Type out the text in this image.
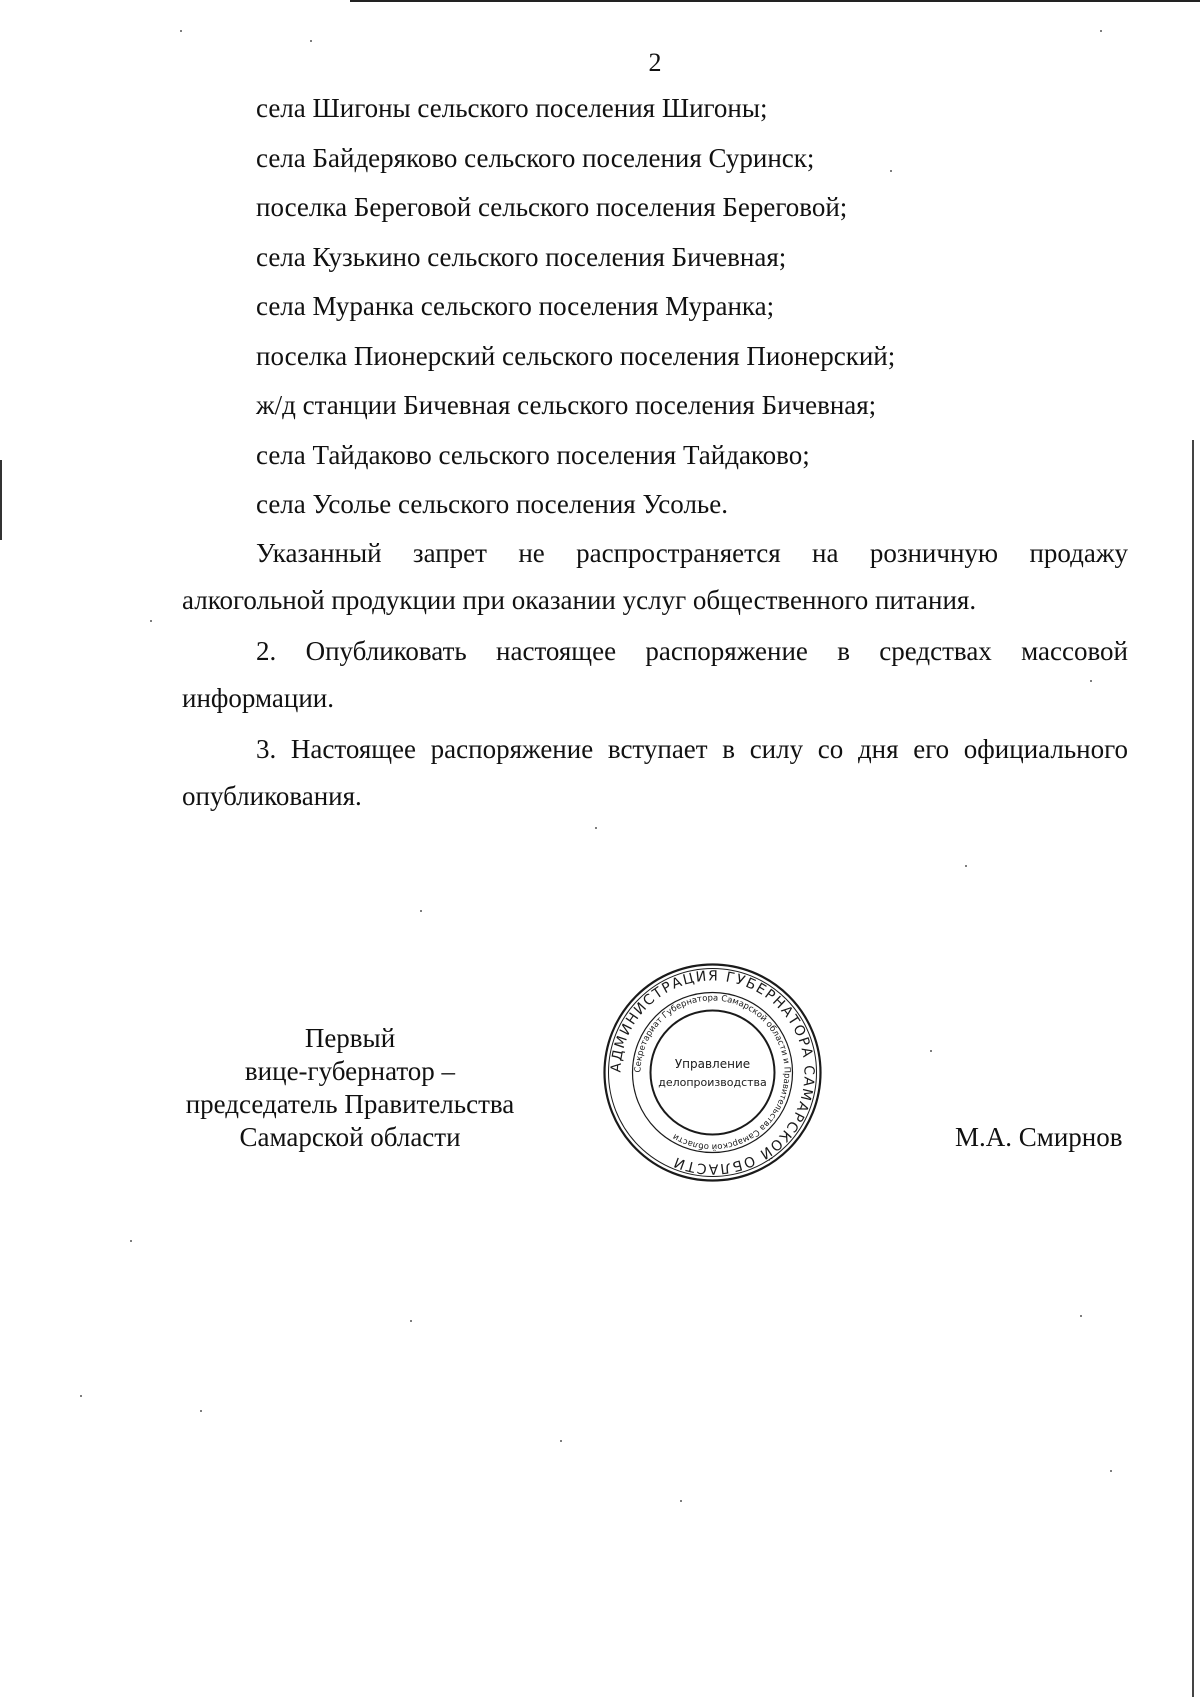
2
села Шигоны сельского поселения Шигоны;
села Байдеряково сельского поселения Суринск;
поселка Береговой сельского поселения Береговой;
села Кузькино сельского поселения Бичевная;
села Муранка сельского поселения Муранка;
поселка Пионерский сельского поселения Пионерский;
ж/д станции Бичевная сельского поселения Бичевная;
села Тайдаково сельского поселения Тайдаково;
села Усолье сельского поселения Усолье.

Указанный запрет не распространяется на розничную продажу
алкогольной продукции при оказании услуг общественного питания.

2. Опубликовать настоящее распоряжение в средствах массовой
информации.

3. Настоящее распоряжение вступает в силу со дня его официального
опубликования.

Первый
вице-губернатор –
председатель Правительства
Самарской области
АДМИНИСТРАЦИЯ ГУБЕРНАТОРА САМАРСКОЙ ОБЛАСТИ
Секретариат Губернатора Самарской области и Правительства Самарской области
Управление
делопроизводства
М.А. Смирнов
